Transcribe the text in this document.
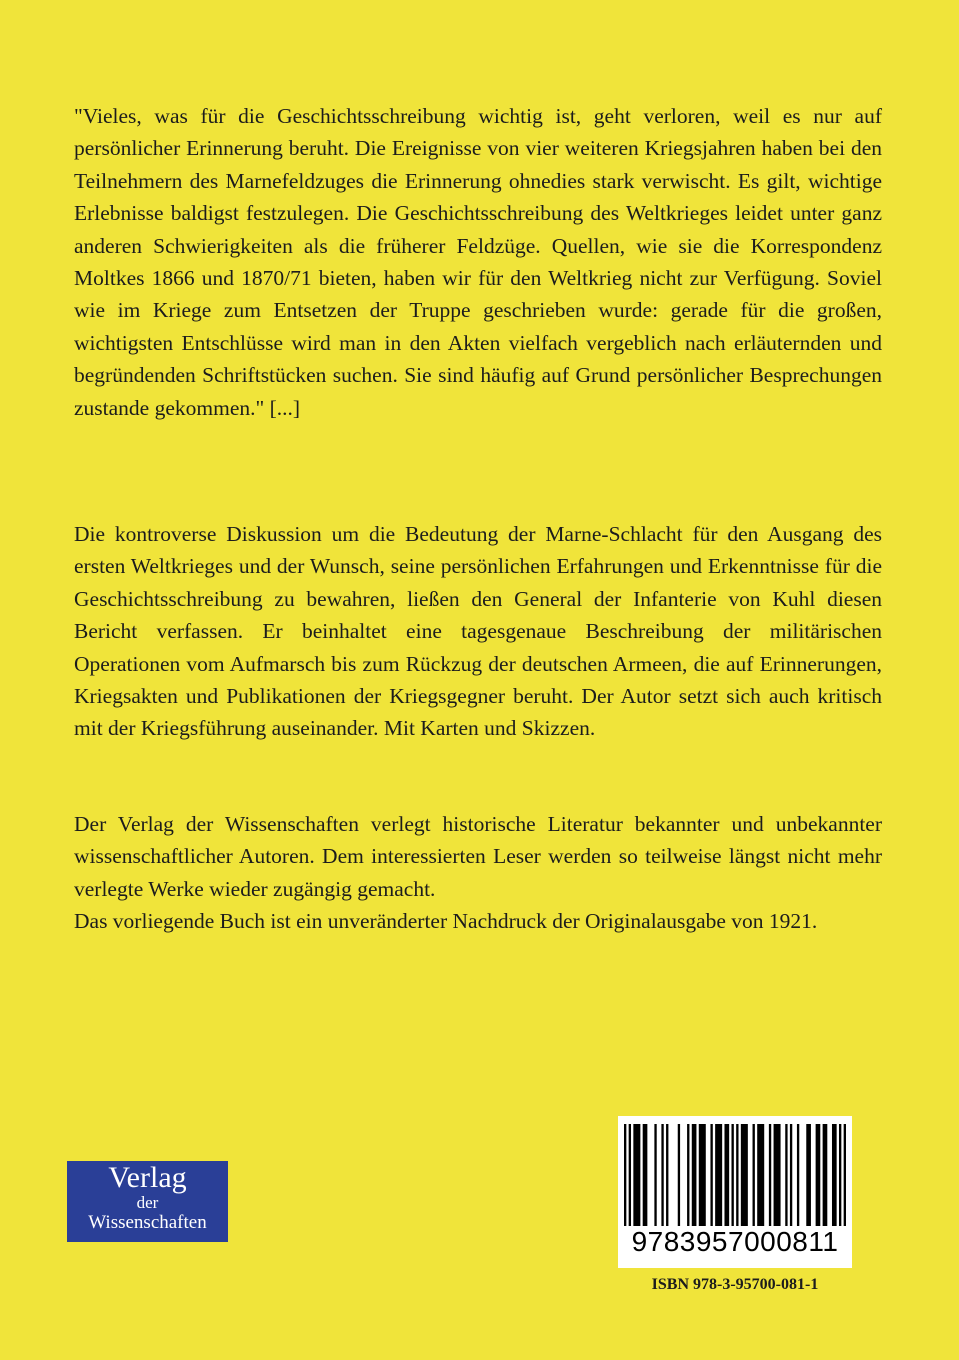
"Vieles, was für die Geschichtsschreibung wichtig ist, geht verloren, weil es nur auf persönlicher Erinnerung beruht. Die Ereignisse von vier weiteren Kriegsjahren haben bei den Teilnehmern des Marnefeldzuges die Erinnerung ohnedies stark verwischt. Es gilt, wichtige Erlebnisse baldigst festzulegen. Die Geschichtsschreibung des Weltkrieges leidet unter ganz anderen Schwierigkeiten als die früherer Feldzüge. Quellen, wie sie die Korrespondenz Moltkes 1866 und 1870/71 bieten, haben wir für den Weltkrieg nicht zur Verfügung. Soviel wie im Kriege zum Entsetzen der Truppe geschrieben wurde: gerade für die großen, wichtigsten Entschlüsse wird man in den Akten vielfach vergeblich nach erläuternden und begründenden Schriftstücken suchen. Sie sind häufig auf Grund persönlicher Besprechungen zustande gekommen." [...]

Die kontroverse Diskussion um die Bedeutung der Marne-Schlacht für den Ausgang des ersten Weltkrieges und der Wunsch, seine persönlichen Erfahrungen und Erkenntnisse für die Geschichtsschreibung zu bewahren, ließen den General der Infanterie von Kuhl diesen Bericht verfassen. Er beinhaltet eine tagesgenaue Beschreibung der militärischen Operationen vom Aufmarsch bis zum Rückzug der deutschen Armeen, die auf Erinnerungen, Kriegsakten und Publikationen der Kriegsgegner beruht. Der Autor setzt sich auch kritisch mit der Kriegsführung auseinander. Mit Karten und Skizzen.

Der Verlag der Wissenschaften verlegt historische Literatur bekannter und unbekannter wissenschaftlicher Autoren. Dem interessierten Leser werden so teilweise längst nicht mehr verlegte Werke wieder zugängig gemacht.

Das vorliegende Buch ist ein unveränderter Nachdruck der Originalausgabe von 1921.

Verlag
der
Wissenschaften
9783957000811
ISBN 978-3-95700-081-1
